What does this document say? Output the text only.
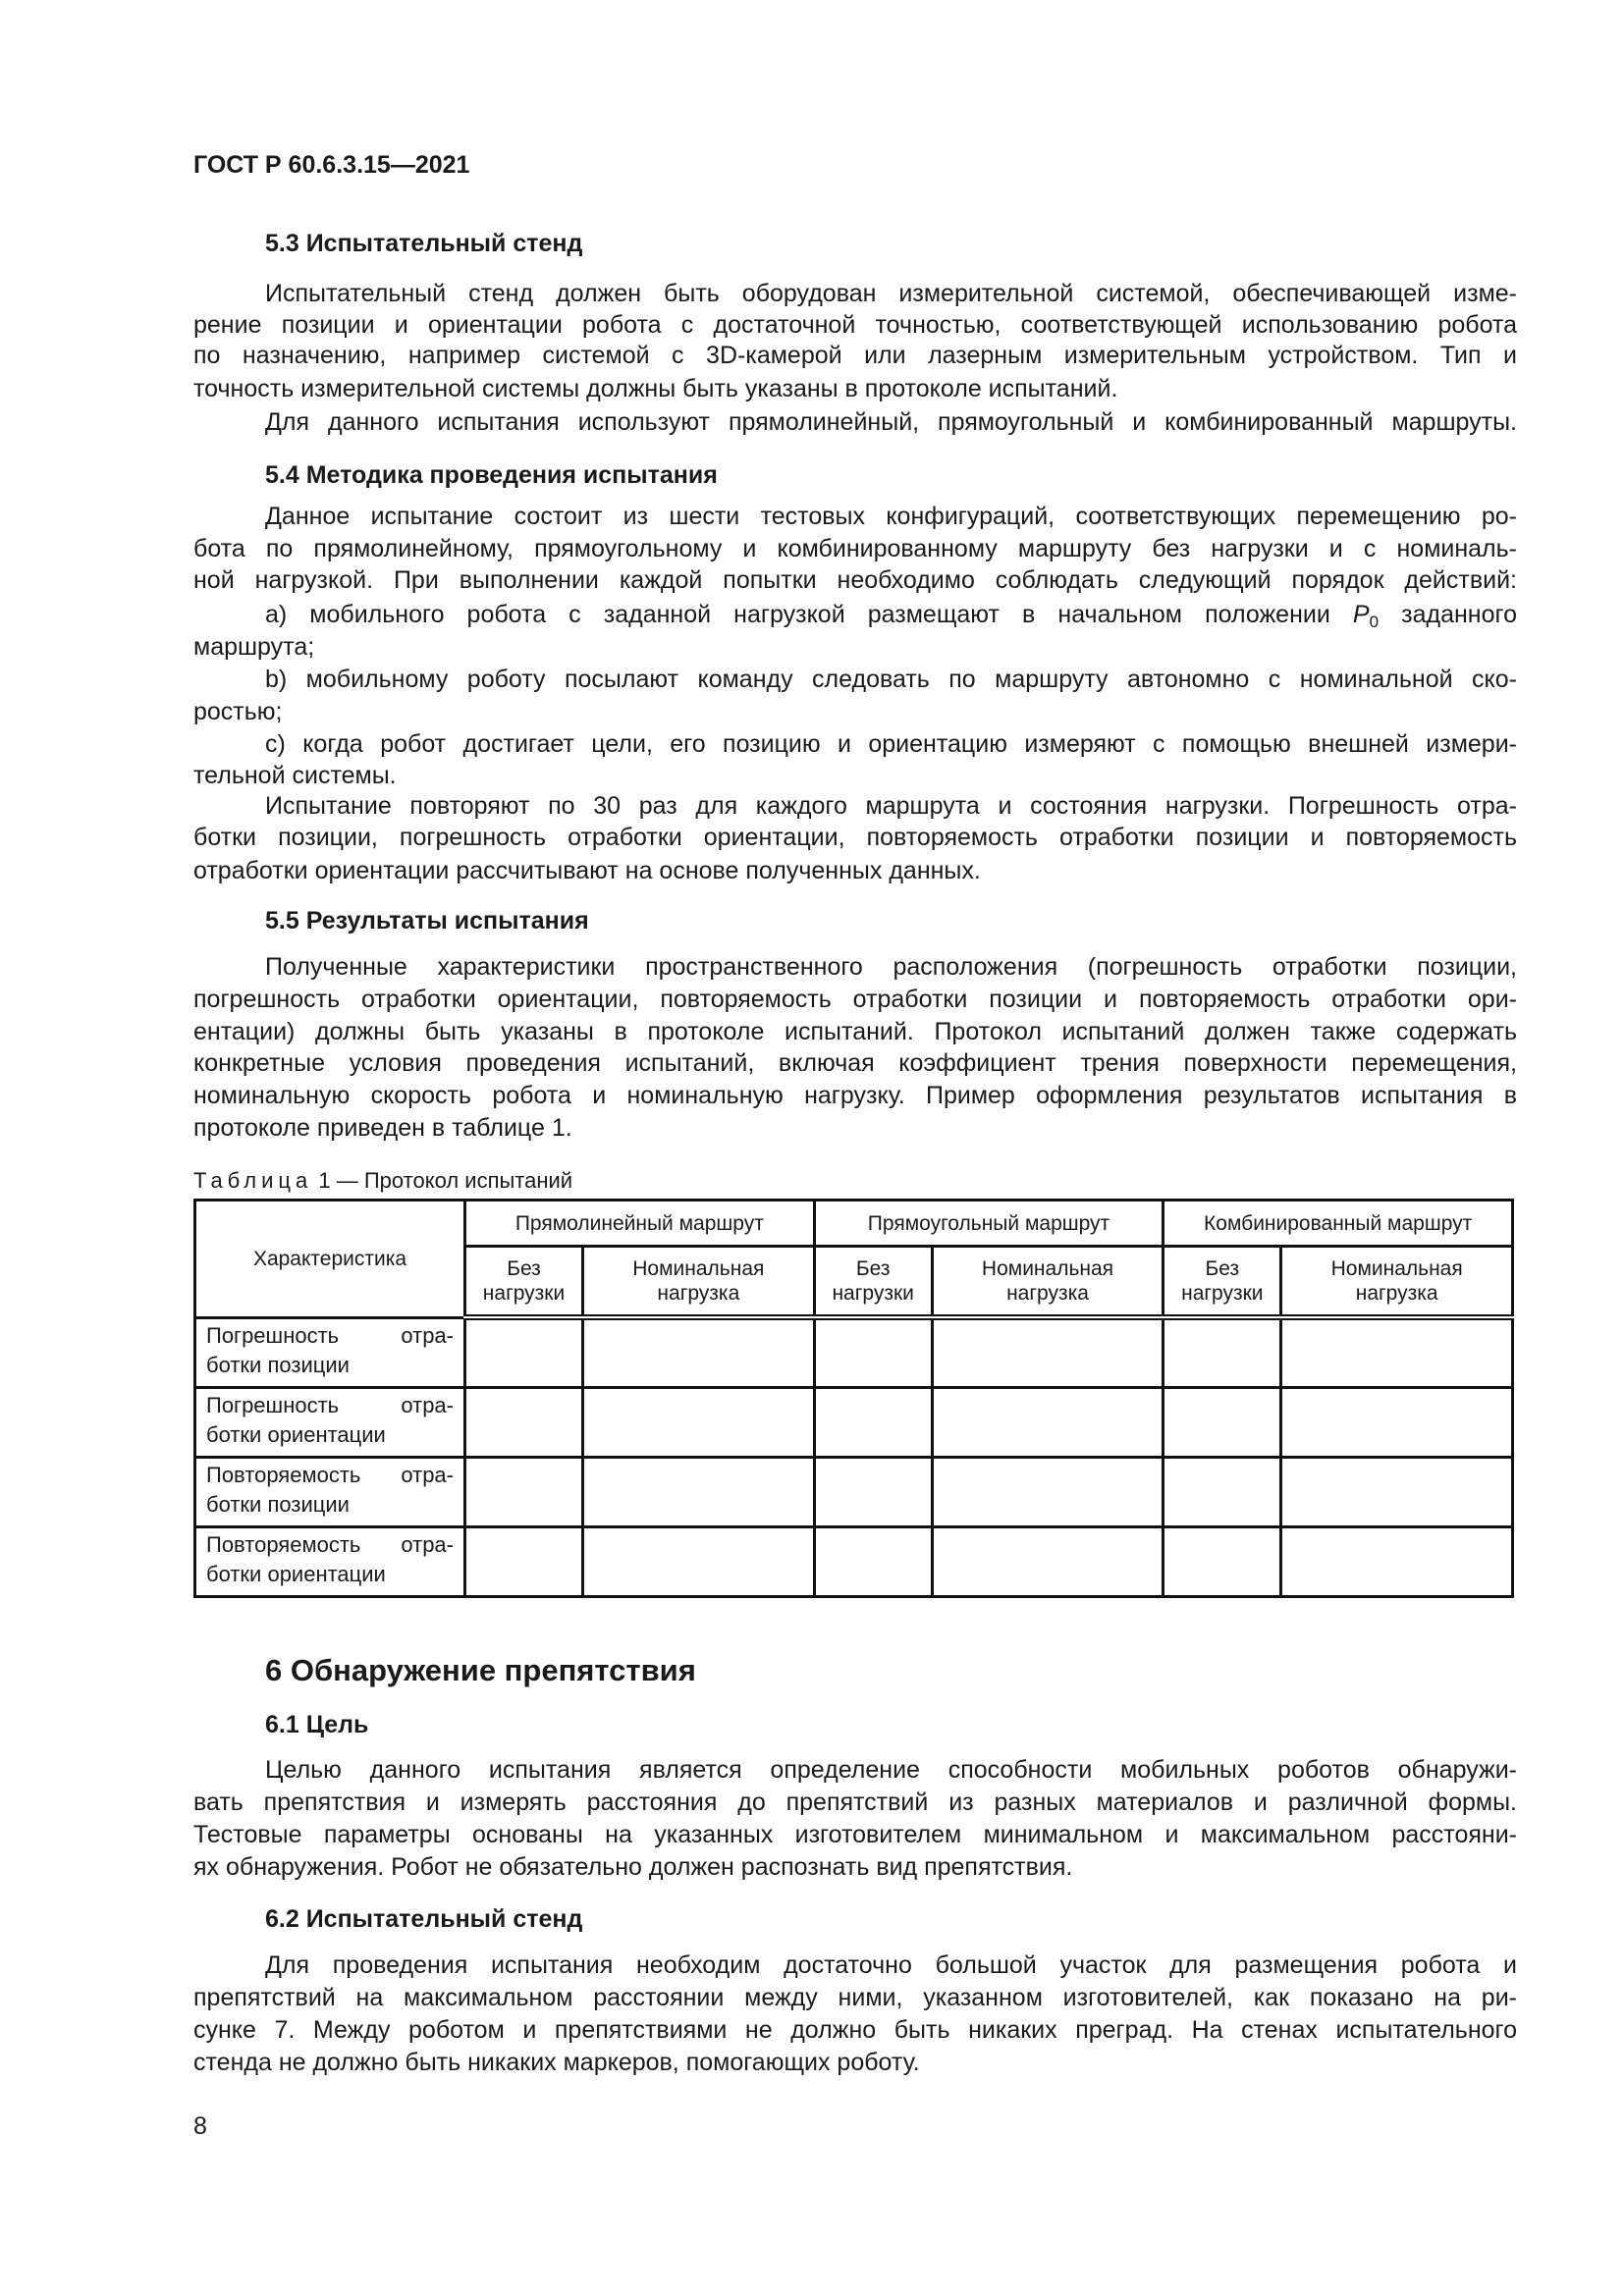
ГОСТ Р 60.6.3.15—2021
5.3 Испытательный стенд
Испытательный стенд должен быть оборудован измерительной системой, обеспечивающей изме-
рение позиции и ориентации робота с достаточной точностью, соответствующей использованию робота
по назначению, например системой с 3D-камерой или лазерным измерительным устройством. Тип и
точность измерительной системы должны быть указаны в протоколе испытаний.
Для данного испытания используют прямолинейный, прямоугольный и комбинированный маршруты.
5.4 Методика проведения испытания
Данное испытание состоит из шести тестовых конфигураций, соответствующих перемещению ро-
бота по прямолинейному, прямоугольному и комбинированному маршруту без нагрузки и с номиналь-
ной нагрузкой. При выполнении каждой попытки необходимо соблюдать следующий порядок действий:
а) мобильного робота с заданной нагрузкой размещают в начальном положении $P_0$ заданного
маршрута;
b) мобильному роботу посылают команду следовать по маршруту автономно с номинальной ско-
ростью;
с) когда робот достигает цели, его позицию и ориентацию измеряют с помощью внешней измери-
тельной системы.
Испытание повторяют по 30 раз для каждого маршрута и состояния нагрузки. Погрешность отра-
ботки позиции, погрешность отработки ориентации, повторяемость отработки позиции и повторяемость
отработки ориентации рассчитывают на основе полученных данных.
5.5 Результаты испытания
Полученные характеристики пространственного расположения (погрешность отработки позиции,
погрешность отработки ориентации, повторяемость отработки позиции и повторяемость отработки ори-
ентации) должны быть указаны в протоколе испытаний. Протокол испытаний должен также содержать
конкретные условия проведения испытаний, включая коэффициент трения поверхности перемещения,
номинальную скорость робота и номинальную нагрузку. Пример оформления результатов испытания в
протоколе приведен в таблице 1.
Таблица 1 — Протокол испытаний
Характеристика	Прямолинейный маршрут		Прямоугольный маршрут		Комбинированный маршрут	
	Без нагрузки	Номинальная нагрузка	Без нагрузки	Номинальная нагрузка	Без нагрузки	Номинальная нагрузка

Погрешность отра-
ботки позиции						

Погрешность отра-
ботки ориентации						

Повторяемость отра-
ботки позиции						

Повторяемость отра-
ботки ориентации						

6 Обнаружение препятствия
6.1 Цель
Целью данного испытания является определение способности мобильных роботов обнаружи-
вать препятствия и измерять расстояния до препятствий из разных материалов и различной формы.
Тестовые параметры основаны на указанных изготовителем минимальном и максимальном расстояни-
ях обнаружения. Робот не обязательно должен распознать вид препятствия.
6.2 Испытательный стенд
Для проведения испытания необходим достаточно большой участок для размещения робота и
препятствий на максимальном расстоянии между ними, указанном изготовителей, как показано на ри-
сунке 7. Между роботом и препятствиями не должно быть никаких преград. На стенах испытательного
стенда не должно быть никаких маркеров, помогающих роботу.
8
